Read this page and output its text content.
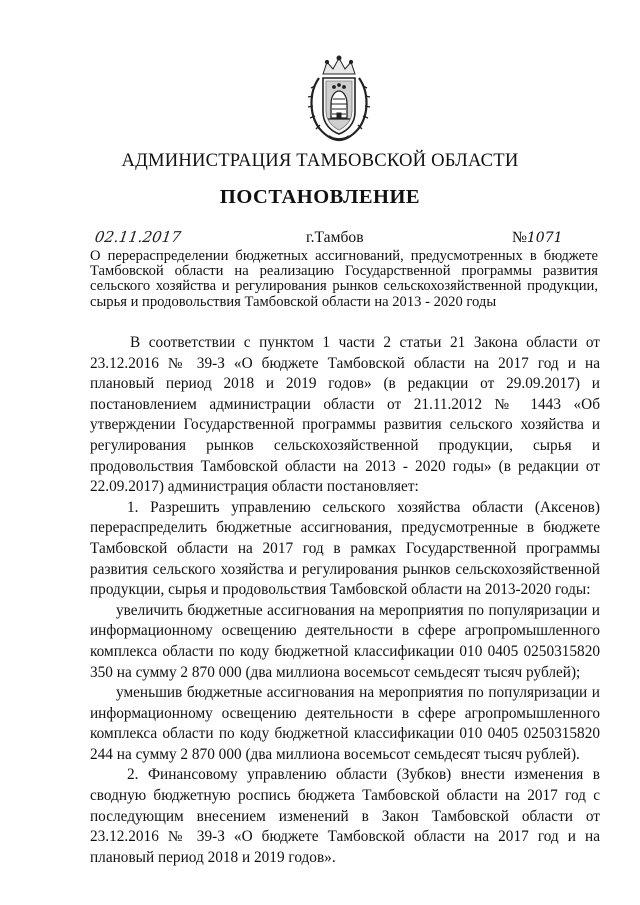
АДМИНИСТРАЦИЯ ТАМБОВСКОЙ ОБЛАСТИ
ПОСТАНОВЛЕНИЕ
02.11.2017	г.Тамбов	№1071
О перераспределении бюджетных ассигнований, предусмотренных в бюджете Тамбовской области на реализацию Государственной программы развития сельского хозяйства и регулирования рынков сельскохозяйственной продукции, сырья и продовольствия Тамбовской области на 2013 - 2020 годы

В соответствии с пунктом 1 части 2 статьи 21 Закона области от 23.12.2016 № 39-З «О бюджете Тамбовской области на 2017 год и на плановый период 2018 и 2019 годов» (в редакции от 29.09.2017) и постановлением администрации области от 21.11.2012 № 1443 «Об утверждении Государственной программы развития сельского хозяйства и регулирования рынков сельскохозяйственной продукции, сырья и продовольствия Тамбовской области на 2013 - 2020 годы» (в редакции от 22.09.2017) администрация области постановляет:

1. Разрешить управлению сельского хозяйства области (Аксенов) перераспределить бюджетные ассигнования, предусмотренные в бюджете Тамбовской области на 2017 год в рамках Государственной программы развития сельского хозяйства и регулирования рынков сельскохозяйственной продукции, сырья и продовольствия Тамбовской области на 2013-2020 годы:

увеличить бюджетные ассигнования на мероприятия по популяризации и информационному освещению деятельности в сфере агропромышленного комплекса области по коду бюджетной классификации 010 0405 0250315820 350 на сумму 2 870 000 (два миллиона восемьсот семьдесят тысяч рублей);

уменьшив бюджетные ассигнования на мероприятия по популяризации и информационному освещению деятельности в сфере агропромышленного комплекса области по коду бюджетной классификации 010 0405 0250315820 244 на сумму 2 870 000 (два миллиона восемьсот семьдесят тысяч рублей).

2. Финансовому управлению области (Зубков) внести изменения в сводную бюджетную роспись бюджета Тамбовской области на 2017 год с последующим внесением изменений в Закон Тамбовской области от 23.12.2016 № 39-З «О бюджете Тамбовской области на 2017 год и на плановый период 2018 и 2019 годов».
